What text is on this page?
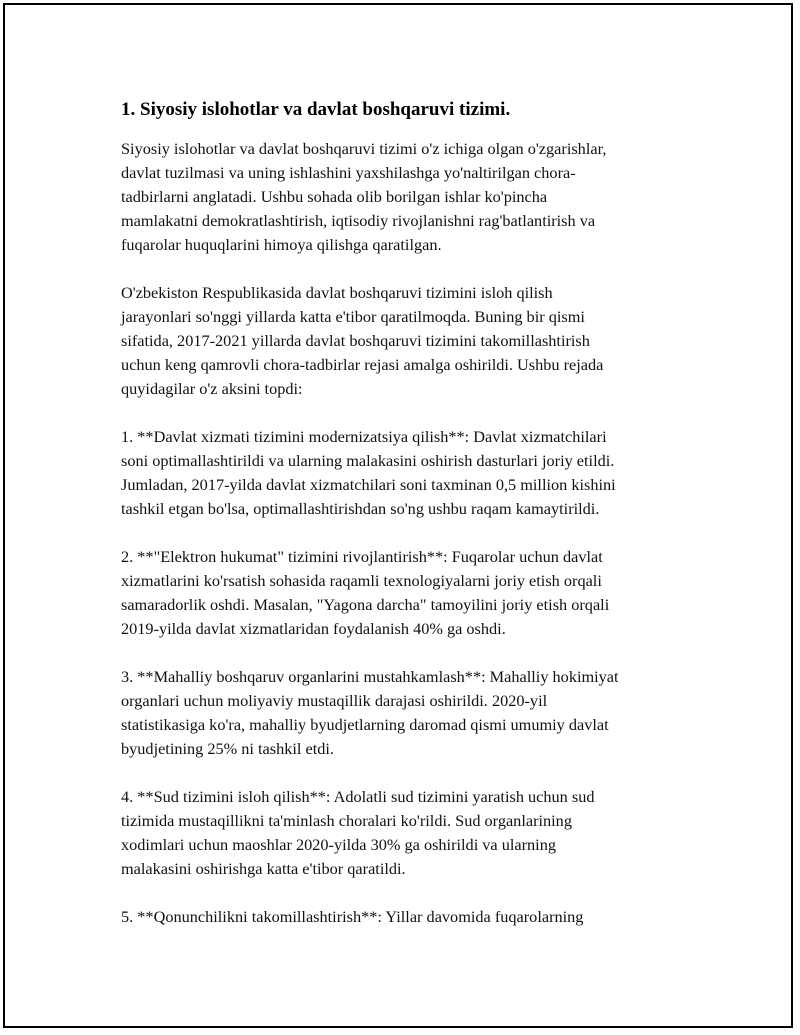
1. Siyosiy islohotlar va davlat boshqaruvi tizimi.

Siyosiy islohotlar va davlat boshqaruvi tizimi o'z ichiga olgan o'zgarishlar,
davlat tuzilmasi va uning ishlashini yaxshilashga yo'naltirilgan chora-
tadbirlarni anglatadi. Ushbu sohada olib borilgan ishlar ko'pincha
mamlakatni demokratlashtirish, iqtisodiy rivojlanishni rag'batlantirish va
fuqarolar huquqlarini himoya qilishga qaratilgan.

O'zbekiston Respublikasida davlat boshqaruvi tizimini isloh qilish
jarayonlari so'nggi yillarda katta e'tibor qaratilmoqda. Buning bir qismi
sifatida, 2017-2021 yillarda davlat boshqaruvi tizimini takomillashtirish
uchun keng qamrovli chora-tadbirlar rejasi amalga oshirildi. Ushbu rejada
quyidagilar o'z aksini topdi:

1. **Davlat xizmati tizimini modernizatsiya qilish**: Davlat xizmatchilari
soni optimallashtirildi va ularning malakasini oshirish dasturlari joriy etildi.
Jumladan, 2017-yilda davlat xizmatchilari soni taxminan 0,5 million kishini
tashkil etgan bo'lsa, optimallashtirishdan so'ng ushbu raqam kamaytirildi.

2. **"Elektron hukumat" tizimini rivojlantirish**: Fuqarolar uchun davlat
xizmatlarini ko'rsatish sohasida raqamli texnologiyalarni joriy etish orqali
samaradorlik oshdi. Masalan, "Yagona darcha" tamoyilini joriy etish orqali
2019-yilda davlat xizmatlaridan foydalanish 40% ga oshdi.

3. **Mahalliy boshqaruv organlarini mustahkamlash**: Mahalliy hokimiyat
organlari uchun moliyaviy mustaqillik darajasi oshirildi. 2020-yil
statistikasiga ko'ra, mahalliy byudjetlarning daromad qismi umumiy davlat
byudjetining 25% ni tashkil etdi.

4. **Sud tizimini isloh qilish**: Adolatli sud tizimini yaratish uchun sud
tizimida mustaqillikni ta'minlash choralari ko'rildi. Sud organlarining
xodimlari uchun maoshlar 2020-yilda 30% ga oshirildi va ularning
malakasini oshirishga katta e'tibor qaratildi.

5. **Qonunchilikni takomillashtirish**: Yillar davomida fuqarolarning
